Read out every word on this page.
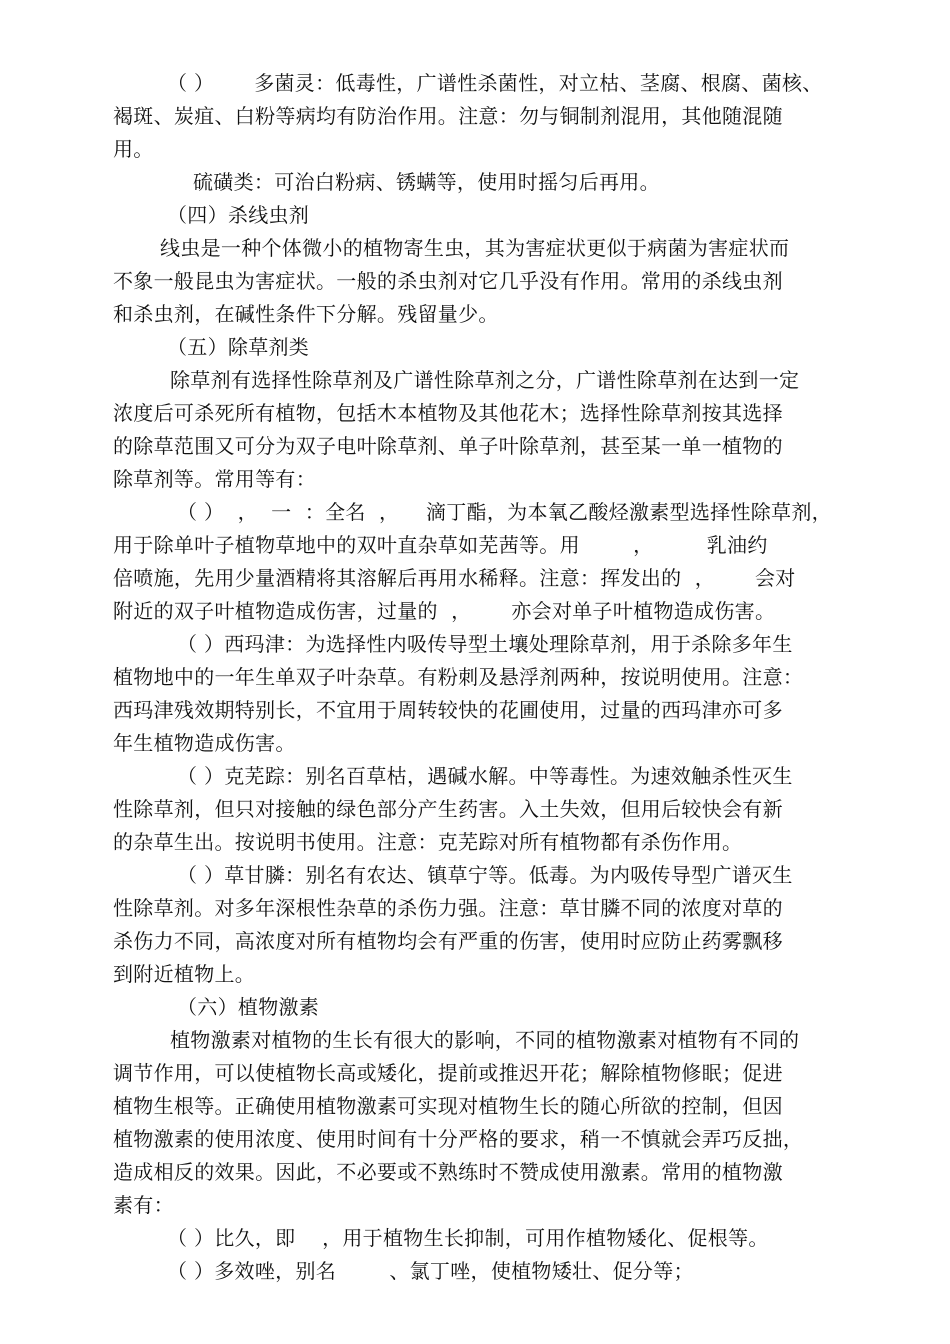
（ ）      多菌灵：低毒性，广谱性杀菌性，对立枯、茎腐、根腐、菌核、
褐斑、炭疽、白粉等病均有防治作用。注意：勿与铜制剂混用，其他随混随
用。
硫磺类：可治白粉病、锈螨等，使用时摇匀后再用。
（四）杀线虫剂
线虫是一种个体微小的植物寄生虫，其为害症状更似于病菌为害症状而
不象一般昆虫为害症状。一般的杀虫剂对它几乎没有作用。常用的杀线虫剂
和杀虫剂，在碱性条件下分解。残留量少。
（五）除草剂类
除草剂有选择性除草剂及广谱性除草剂之分，广谱性除草剂在达到一定
浓度后可杀死所有植物，包括木本植物及其他花木；选择性除草剂按其选择
的除草范围又可分为双子电叶除草剂、单子叶除草剂，甚至某一单一植物的
除草剂等。常用等有：
（ ）  ，  一  ：全名  ，    滴丁酯，为本氧乙酸烃激素型选择性除草剂，
用于除单叶子植物草地中的双叶直杂草如芜茜等。用        ，        乳油约
倍喷施，先用少量酒精将其溶解后再用水稀释。注意：挥发出的  ，      会对
附近的双子叶植物造成伤害，过量的  ，      亦会对单子叶植物造成伤害。
（ ）西玛津：为选择性内吸传导型土壤处理除草剂，用于杀除多年生
植物地中的一年生单双子叶杂草。有粉刺及悬浮剂两种，按说明使用。注意：
西玛津残效期特别长，不宜用于周转较快的花圃使用，过量的西玛津亦可多
年生植物造成伤害。
（ ）克芜踪：别名百草枯，遇碱水解。中等毒性。为速效触杀性灭生
性除草剂，但只对接触的绿色部分产生药害。入土失效，但用后较快会有新
的杂草生出。按说明书使用。注意：克芜踪对所有植物都有杀伤作用。
（ ）草甘膦：别名有农达、镇草宁等。低毒。为内吸传导型广谱灭生
性除草剂。对多年深根性杂草的杀伤力强。注意：草甘膦不同的浓度对草的
杀伤力不同，高浓度对所有植物均会有严重的伤害，使用时应防止药雾飘移
到附近植物上。
（六）植物激素
植物激素对植物的生长有很大的影响，不同的植物激素对植物有不同的
调节作用，可以使植物长高或矮化，提前或推迟开花；解除植物修眠；促进
植物生根等。正确使用植物激素可实现对植物生长的随心所欲的控制，但因
植物激素的使用浓度、使用时间有十分严格的要求，稍一不慎就会弄巧反拙，
造成相反的效果。因此，不必要或不熟练时不赞成使用激素。常用的植物激
素有：
（ ）比久，即    ，用于植物生长抑制，可用作植物矮化、促根等。
（ ）多效唑，别名        、氯丁唑，使植物矮壮、促分等；
